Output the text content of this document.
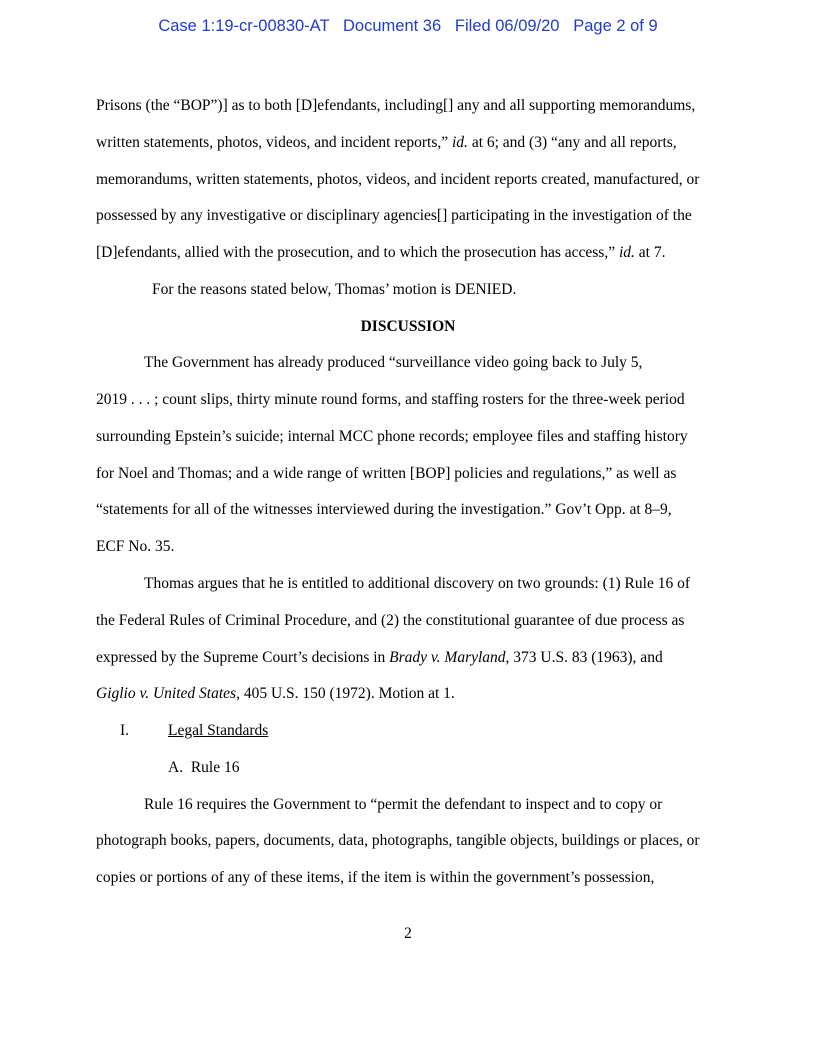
Case 1:19-cr-00830-AT Document 36 Filed 06/09/20 Page 2 of 9
Prisons (the “BOP”)] as to both [D]efendants, including[] any and all supporting memorandums,
written statements, photos, videos, and incident reports,” id. at 6; and (3) “any and all reports,
memorandums, written statements, photos, videos, and incident reports created, manufactured, or
possessed by any investigative or disciplinary agencies[] participating in the investigation of the
[D]efendants, allied with the prosecution, and to which the prosecution has access,” id. at 7.
For the reasons stated below, Thomas’ motion is DENIED.
DISCUSSION
The Government has already produced “surveillance video going back to July 5,
2019 . . . ; count slips, thirty minute round forms, and staffing rosters for the three-week period
surrounding Epstein’s suicide; internal MCC phone records; employee files and staffing history
for Noel and Thomas; and a wide range of written [BOP] policies and regulations,” as well as
“statements for all of the witnesses interviewed during the investigation.” Gov’t Opp. at 8–9,
ECF No. 35.
Thomas argues that he is entitled to additional discovery on two grounds: (1) Rule 16 of
the Federal Rules of Criminal Procedure, and (2) the constitutional guarantee of due process as
expressed by the Supreme Court’s decisions in Brady v. Maryland, 373 U.S. 83 (1963), and
Giglio v. United States, 405 U.S. 150 (1972). Motion at 1.
I.	Legal Standards
A.  Rule 16
Rule 16 requires the Government to “permit the defendant to inspect and to copy or
photograph books, papers, documents, data, photographs, tangible objects, buildings or places, or
copies or portions of any of these items, if the item is within the government’s possession,
2
